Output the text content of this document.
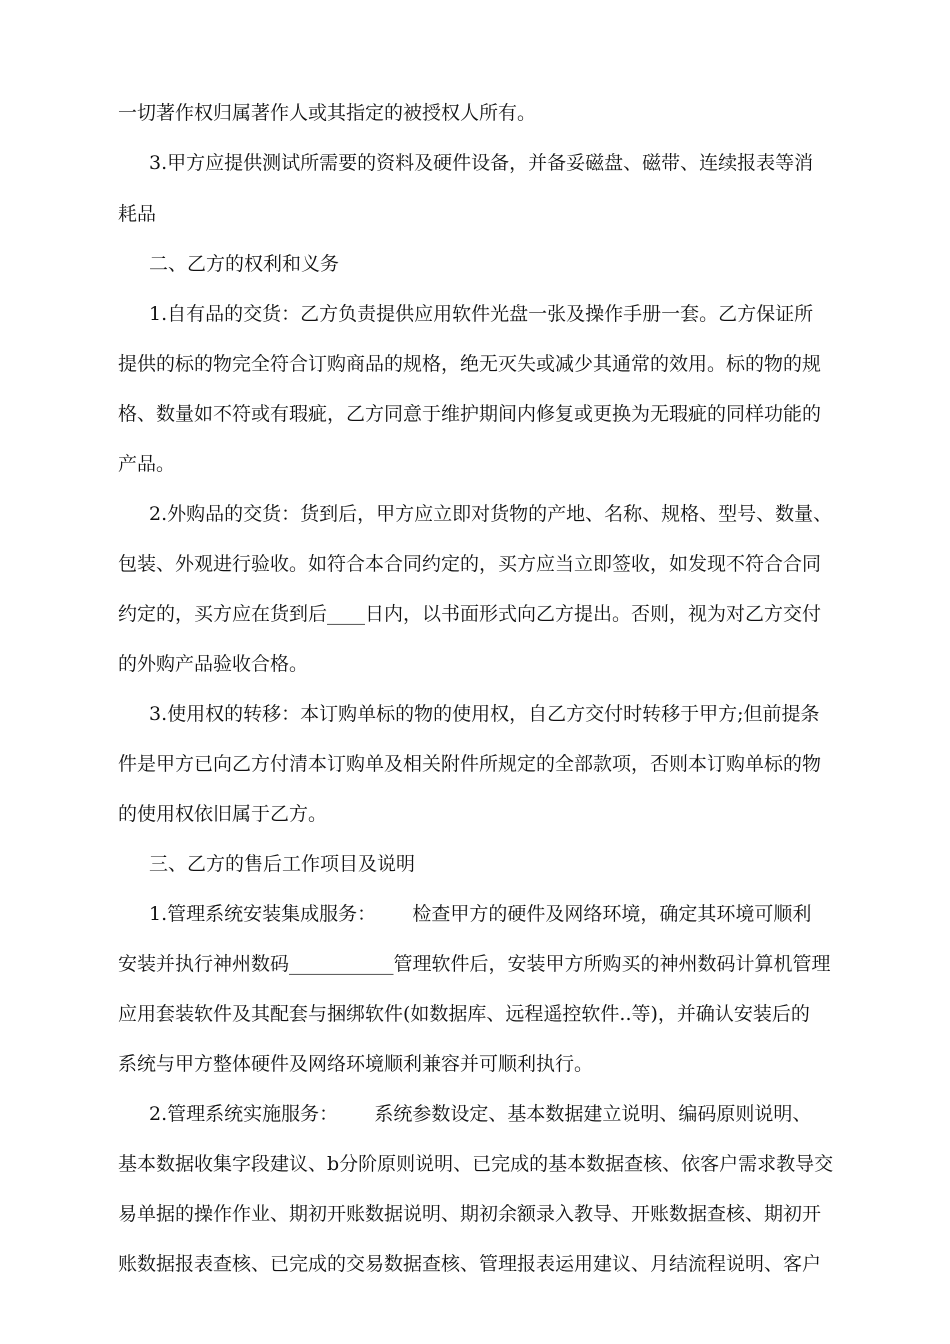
一切著作权归属著作人或其指定的被授权人所有。
3.甲方应提供测试所需要的资料及硬件设备，并备妥磁盘、磁带、连续报表等消
耗品
二、乙方的权利和义务
1.自有品的交货：乙方负责提供应用软件光盘一张及操作手册一套。乙方保证所
提供的标的物完全符合订购商品的规格，绝无灭失或减少其通常的效用。标的物的规
格、数量如不符或有瑕疵，乙方同意于维护期间内修复或更换为无瑕疵的同样功能的
产品。
2.外购品的交货：货到后，甲方应立即对货物的产地、名称、规格、型号、数量、
包装、外观进行验收。如符合本合同约定的，买方应当立即签收，如发现不符合合同
约定的，买方应在货到后____日内，以书面形式向乙方提出。否则，视为对乙方交付
的外购产品验收合格。
3.使用权的转移：本订购单标的物的使用权，自乙方交付时转移于甲方;但前提条
件是甲方已向乙方付清本订购单及相关附件所规定的全部款项，否则本订购单标的物
的使用权依旧属于乙方。
三、乙方的售后工作项目及说明
1.管理系统安装集成服务：      检查甲方的硬件及网络环境，确定其环境可顺利
安装并执行神州数码___________管理软件后，安装甲方所购买的神州数码计算机管理
应用套装软件及其配套与捆绑软件(如数据库、远程遥控软件..等)，并确认安装后的
系统与甲方整体硬件及网络环境顺利兼容并可顺利执行。
2.管理系统实施服务：      系统参数设定、基本数据建立说明、编码原则说明、
基本数据收集字段建议、b分阶原则说明、已完成的基本数据查核、依客户需求教导交
易单据的操作作业、期初开账数据说明、期初余额录入教导、开账数据查核、期初开
账数据报表查核、已完成的交易数据查核、管理报表运用建议、月结流程说明、客户
